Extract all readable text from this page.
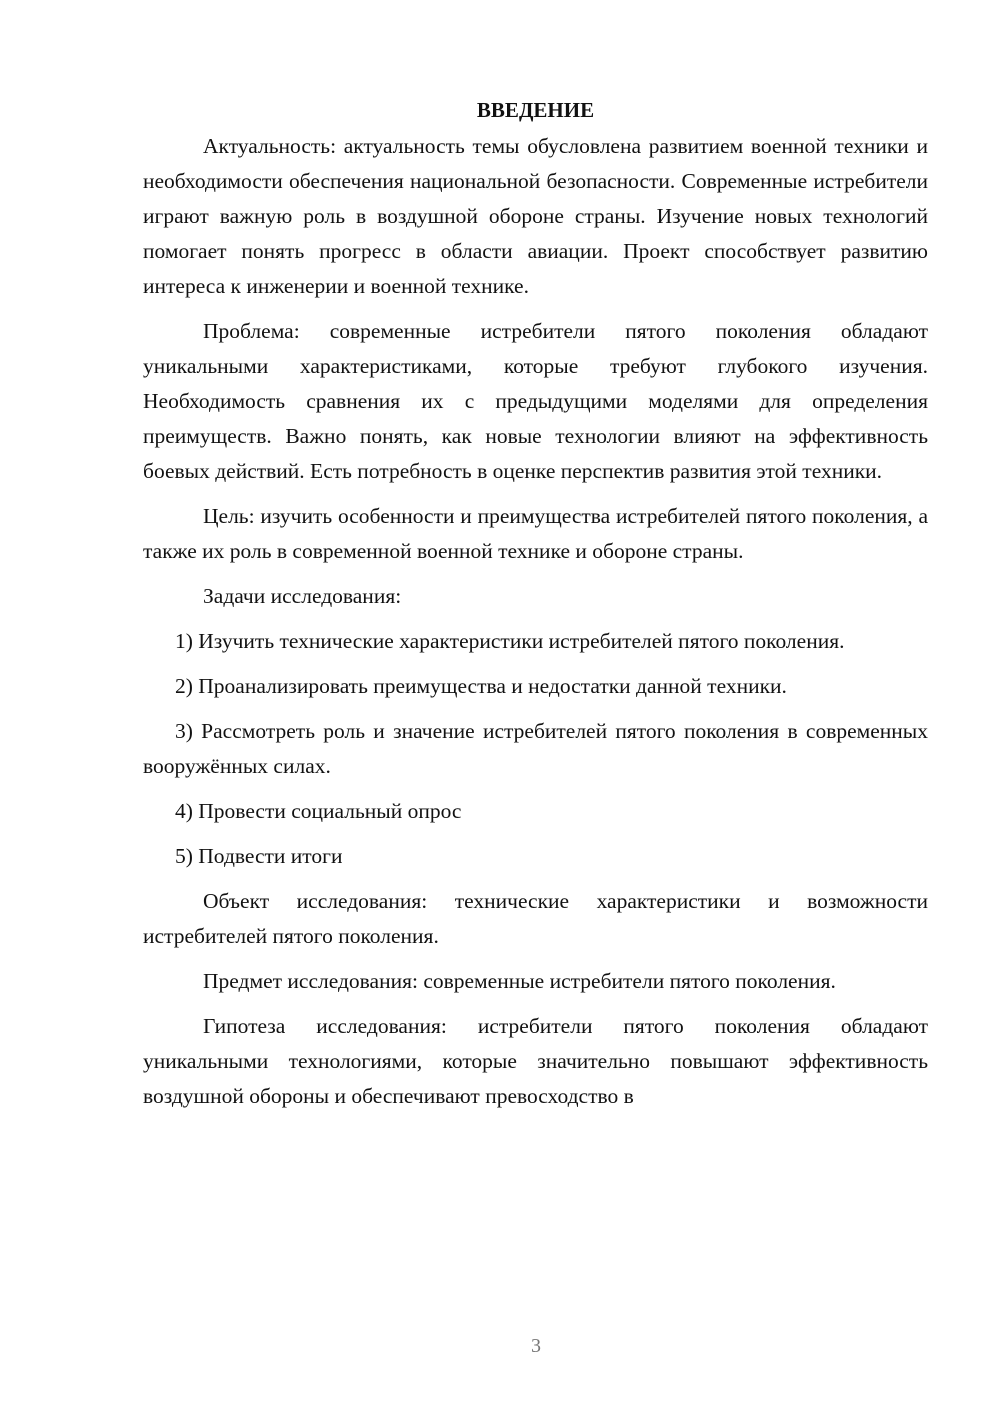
ВВЕДЕНИЕ

Актуальность: актуальность темы обусловлена развитием военной техники и необходимости обеспечения национальной безопасности. Современные истребители играют важную роль в воздушной обороне страны. Изучение новых технологий помогает понять прогресс в области авиации. Проект способствует развитию интереса к инженерии и военной технике.

Проблема: современные истребители пятого поколения обладают уникальными характеристиками, которые требуют глубокого изучения. Необходимость сравнения их с предыдущими моделями для определения преимуществ. Важно понять, как новые технологии влияют на эффективность боевых действий. Есть потребность в оценке перспектив развития этой техники.

Цель: изучить особенности и преимущества истребителей пятого поколения, а также их роль в современной военной технике и обороне страны.

Задачи исследования:

1) Изучить технические характеристики истребителей пятого поколения.

2) Проанализировать преимущества и недостатки данной техники.

3) Рассмотреть роль и значение истребителей пятого поколения в современных вооружённых силах.

4) Провести социальный опрос

5) Подвести итоги

Объект исследования: технические характеристики и возможности истребителей пятого поколения.

Предмет исследования: современные истребители пятого поколения.

Гипотеза исследования: истребители пятого поколения обладают уникальными технологиями, которые значительно повышают эффективность воздушной обороны и обеспечивают превосходство в

3
